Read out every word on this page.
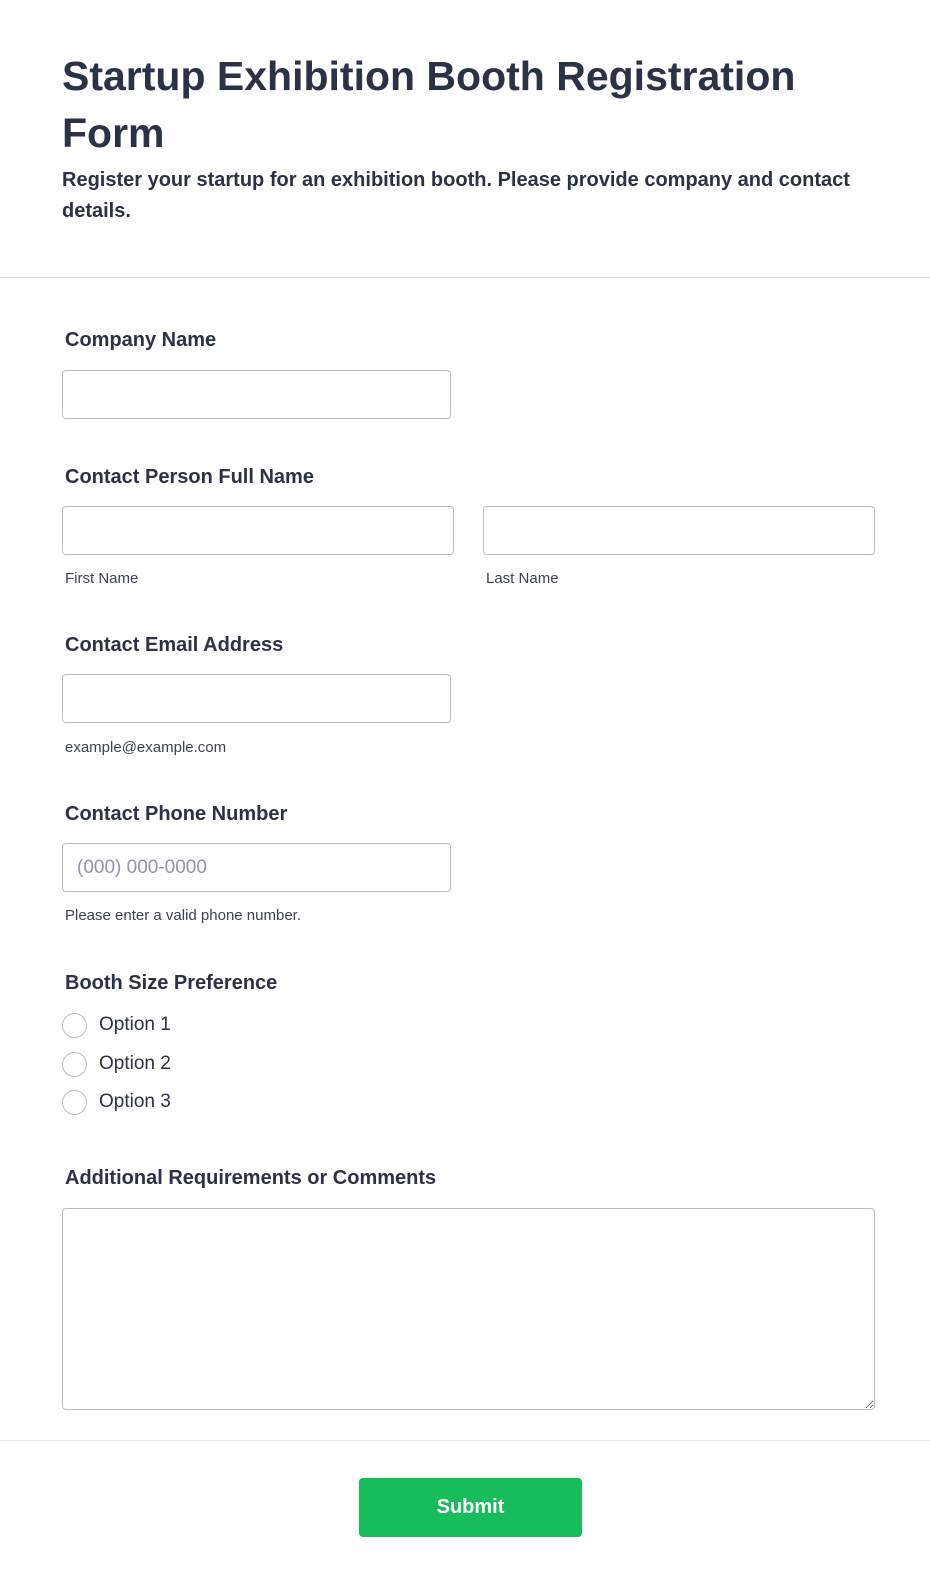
Startup Exhibition Booth Registration Form

Register your startup for an exhibition booth. Please provide company and contact details.

Company Name
Contact Person Full Name
First Name	Last Name
Contact Email Address
example@example.com
Contact Phone Number
(000) 000-0000
Please enter a valid phone number.
Booth Size Preference
Option 1
Option 2
Option 3
Additional Requirements or Comments
Submit
